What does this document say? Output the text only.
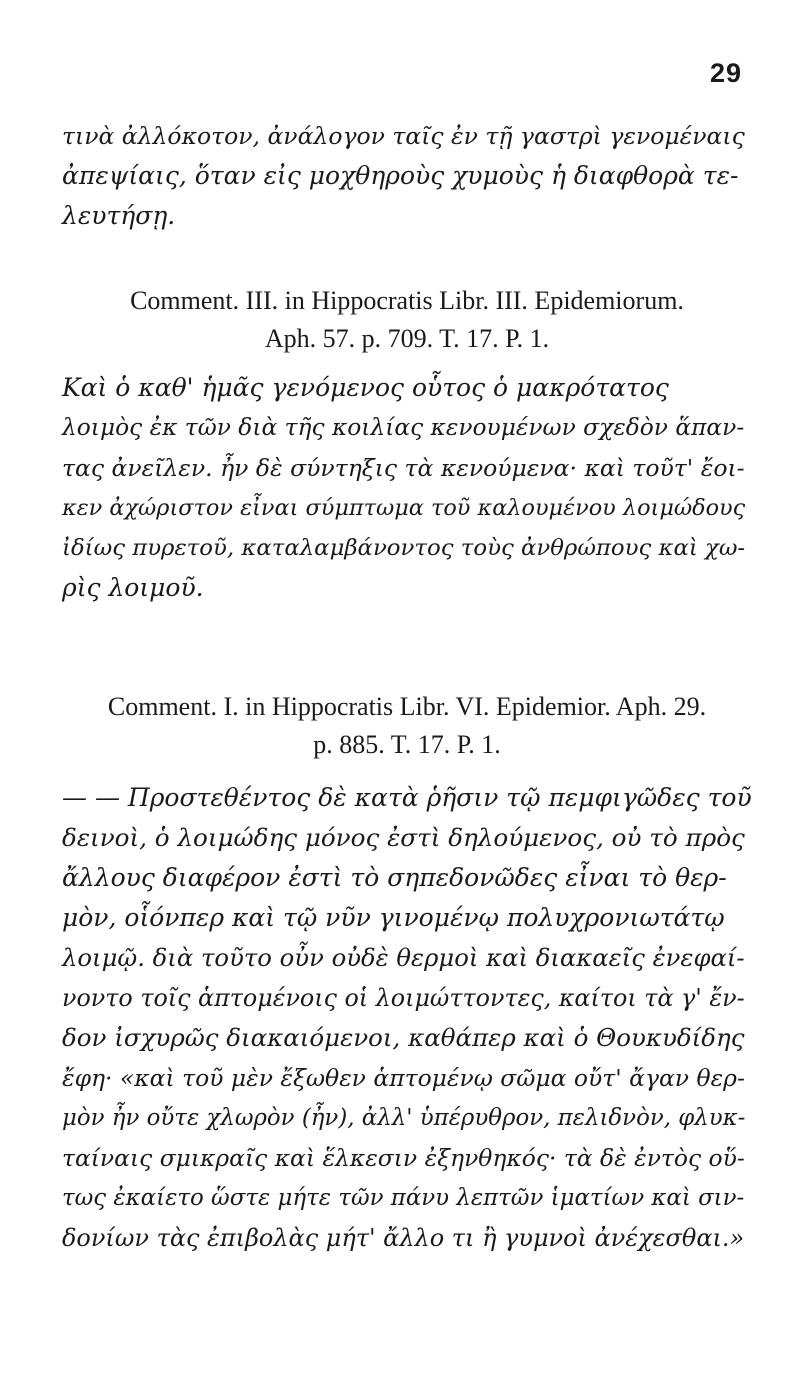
29

τινὰ ἀλλόκοτον, ἀνάλογον ταῖς ἐν τῇ γαστρὶ γενομέναις
ἀπεψίαις, ὅταν εἰς μοχθηροὺς χυμοὺς ἡ διαφθορὰ τε-
λευτήσῃ.

Comment. III. in Hippocratis Libr. III. Epidemiorum.
Aph. 57. p. 709. T. 17. P. 1.

Καὶ ὁ καθ' ἡμᾶς γενόμενος οὗτος ὁ μακρότατος
λοιμὸς ἐκ τῶν διὰ τῆς κοιλίας κενουμένων σχεδὸν ἅπαν-
τας ἀνεῖλεν. ἦν δὲ σύντηξις τὰ κενούμενα· καὶ τοῦτ' ἔοι-
κεν ἀχώριστον εἶναι σύμπτωμα τοῦ καλουμένου λοιμώδους
ἰδίως πυρετοῦ, καταλαμβάνοντος τοὺς ἀνθρώπους καὶ χω-
ρὶς λοιμοῦ.

Comment. I. in Hippocratis Libr. VI. Epidemior. Aph. 29.
p. 885. T. 17. P. 1.

— — Προστεθέντος δὲ κατὰ ῥῆσιν τῷ πεμφιγῶδες τοῦ
δεινοὶ, ὁ λοιμώδης μόνος ἐστὶ δηλούμενος, οὐ τὸ πρὸς
ἄλλους διαφέρον ἐστὶ τὸ σηπεδονῶδες εἶναι τὸ θερ-
μὸν, οἷόνπερ καὶ τῷ νῦν γινομένῳ πολυχρονιωτάτῳ
λοιμῷ. διὰ τοῦτο οὖν οὐδὲ θερμοὶ καὶ διακαεῖς ἐνεφαί-
νοντο τοῖς ἁπτομένοις οἱ λοιμώττοντες, καίτοι τὰ γ' ἔν-
δον ἰσχυρῶς διακαιόμενοι, καθάπερ καὶ ὁ Θουκυδίδης
ἔφη· «καὶ τοῦ μὲν ἔξωθεν ἁπτομένῳ σῶμα οὔτ' ἄγαν θερ-
μὸν ἦν οὔτε χλωρὸν (ἦν), ἀλλ' ὑπέρυθρον, πελιδνὸν, φλυκ-
ταίναις σμικραῖς καὶ ἕλκεσιν ἐξηνθηκός· τὰ δὲ ἐντὸς οὕ-
τως ἐκαίετο ὥστε μήτε τῶν πάνυ λεπτῶν ἱματίων καὶ σιν-
δονίων τὰς ἐπιβολὰς μήτ' ἄλλο τι ἢ γυμνοὶ ἀνέχεσθαι.»
